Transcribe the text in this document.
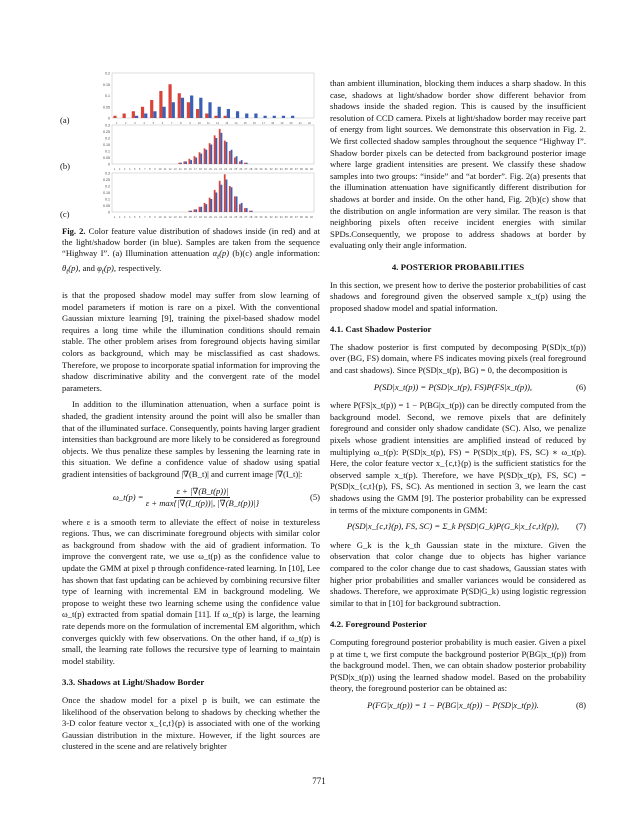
(a)
0.2
0.15
0.1
0.05
0
1	2	3	4	5	6	7	8	9	10 11 12 13 14 15 16 17 18 19 20 21 22
(b)
0.3
0.25
0.2
0.15
0.1
0.05
0
1 2 3 4 5 6 7 8 9 10 11 12 13 14 15 16 17 18 19 20 21 22 23 24 25 26 27 28 29 30 31 32 33 34 35 36 37 38 39 40
(c)
0.3
0.25
0.2
0.15
0.1
0.05
0
1 2 3 4 5 6 7 8 9 10 11 12 13 14 15 16 17 18 19 20 21 22 23 24 25 26 27 28 29 30 31 32 33 34 35 36 37 38 39 40
Fig. 2. Color feature value distribution of shadows inside (in red) and at the light/shadow border (in blue). Samples are taken from the sequence “Highway I”. (a) Illumination attenuation $\alpha_t(p)$ (b)(c) angle information: $\theta_t(p)$, and $\varphi_t(p)$, respectively.

is that the proposed shadow model may suffer from slow learning of model parameters if motion is rare on a pixel. With the conventional Gaussian mixture learning [9], training the pixel-based shadow model requires a long time while the illumination conditions should remain stable. The other problem arises from foreground objects having similar colors as background, which may be misclassified as cast shadows. Therefore, we propose to incorporate spatial information for improving the shadow discriminative ability and the convergent rate of the model parameters.

In addition to the illumination attenuation, when a surface point is shaded, the gradient intensity around the point will also be smaller than that of the illuminated surface. Consequently, points having larger gradient intensities than background are more likely to be considered as foreground objects. We thus penalize these samples by lessening the learning rate in this situation. We define a confidence value of shadow using spatial gradient intensities of background |∇(B_t)| and current image |∇(I_t)|:

ω_t(p) = $\frac{\varepsilon + |\nabla(B\_t(p))|}{\varepsilon + \max\{|\nabla(I\_t(p))|, |\nabla(B\_t(p))|\}}$	(5)

where ε is a smooth term to alleviate the effect of noise in textureless regions. Thus, we can discriminate foreground objects with similar color as background from shadow with the aid of gradient information. To improve the convergent rate, we use ω_t(p) as the confidence value to update the GMM at pixel p through confidence-rated learning. In [10], Lee has shown that fast updating can be achieved by combining recursive filter type of learning with incremental EM in background modeling. We propose to weight these two learning scheme using the confidence value ω_t(p) extracted from spatial domain [11]. If ω_t(p) is large, the learning rate depends more on the formulation of incremental EM algorithm, which converges quickly with few observations. On the other hand, if ω_t(p) is small, the learning rate follows the recursive type of learning to maintain model stability.

3.3. Shadows at Light/Shadow Border

Once the shadow model for a pixel p is built, we can estimate the likelihood of the observation belong to shadows by checking whether the 3-D color feature vector x_{c,t}(p) is associated with one of the working Gaussian distribution in the mixture. However, if the light sources are clustered in the scene and are relatively brighter

than ambient illumination, blocking them induces a sharp shadow. In this case, shadows at light/shadow border show different behavior from shadows inside the shaded region. This is caused by the insufficient resolution of CCD camera. Pixels at light/shadow border may receive part of energy from light sources. We demonstrate this observation in Fig. 2. We first collected shadow samples throughout the sequence “Highway I”. Shadow border pixels can be detected from background posterior image where large gradient intensities are present. We classify these shadow samples into two groups: “inside” and “at border”. Fig. 2(a) presents that the illumination attenuation have significantly different distribution for shadows at border and inside. On the other hand, Fig. 2(b)(c) show that the distribution on angle information are very similar. The reason is that neighboring pixels often receive incident energies with similar SPDs.Consequently, we propose to address shadows at border by evaluating only their angle information.

4. POSTERIOR PROBABILITIES

In this section, we present how to derive the posterior probabilities of cast shadows and foreground given the observed sample x_t(p) using the proposed shadow model and spatial information.

4.1. Cast Shadow Posterior

The shadow posterior is first computed by decomposing P(SD|x_t(p)) over (BG, FS) domain, where FS indicates moving pixels (real foreground and cast shadows). Since P(SD|x_t(p), BG) = 0, the decomposition is

P(SD|x_t(p)) = P(SD|x_t(p), FS)P(FS|x_t(p)),	(6)

where P(FS|x_t(p)) = 1 − P(BG|x_t(p)) can be directly computed from the background model. Second, we remove pixels that are definitely foreground and consider only shadow candidate (SC). Also, we penalize pixels whose gradient intensities are amplified instead of reduced by multiplying ω_t(p): P(SD|x_t(p), FS) = P(SD|x_t(p), FS, SC) ∗ ω_t(p). Here, the color feature vector x_{c,t}(p) is the sufficient statistics for the observed sample x_t(p). Therefore, we have P(SD|x_t(p), FS, SC) = P(SD|x_{c,t}(p), FS, SC). As mentioned in section 3, we learn the cast shadows using the GMM [9]. The posterior probability can be expressed in terms of the mixture components in GMM:

P(SD|x_{c,t}(p), FS, SC) = Σ_k P(SD|G_k)P(G_k|x_{c,t}(p)),	(7)

where G_k is the k_th Gaussian state in the mixture. Given the observation that color change due to objects has higher variance compared to the color change due to cast shadows, Gaussian states with higher prior probabilities and smaller variances would be considered as shadows. Therefore, we approximate P(SD|G_k) using logistic regression similar to that in [10] for background subtraction.

4.2. Foreground Posterior

Computing foreground posterior probability is much easier. Given a pixel p at time t, we first compute the background posterior P(BG|x_t(p)) from the background model. Then, we can obtain shadow posterior probability P(SD|x_t(p)) using the learned shadow model. Based on the probability theory, the foreground posterior can be obtained as:

P(FG|x_t(p)) = 1 − P(BG|x_t(p)) − P(SD|x_t(p)).	(8)
771
